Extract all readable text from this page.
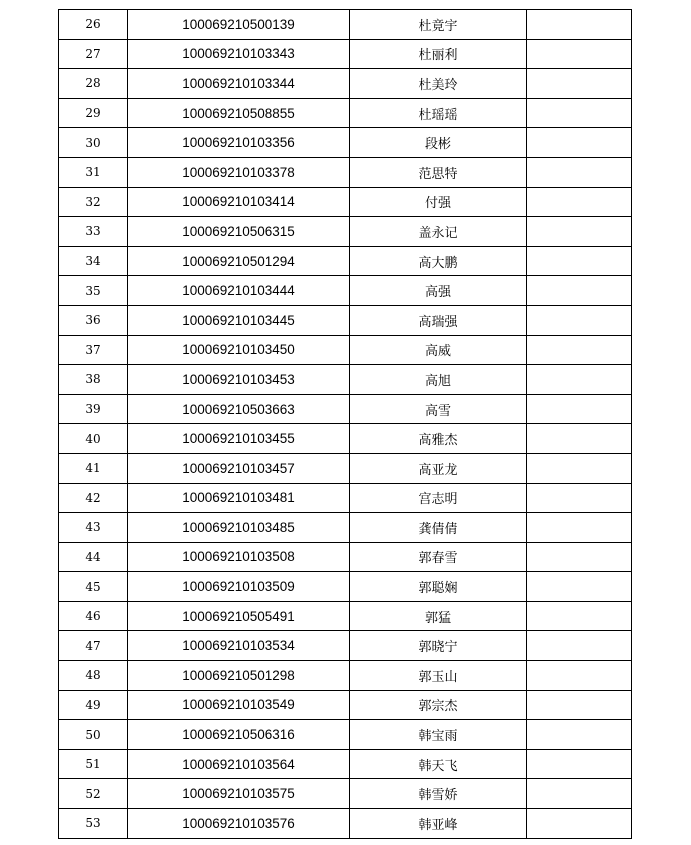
26	100069210500139	杜竟宇	
27	100069210103343	杜丽利	
28	100069210103344	杜美玲	
29	100069210508855	杜瑶瑶	
30	100069210103356	段彬	
31	100069210103378	范思特	
32	100069210103414	付强	
33	100069210506315	盖永记	
34	100069210501294	高大鹏	
35	100069210103444	高强	
36	100069210103445	高瑞强	
37	100069210103450	高威	
38	100069210103453	高旭	
39	100069210503663	高雪	
40	100069210103455	高雅杰	
41	100069210103457	高亚龙	
42	100069210103481	宫志明	
43	100069210103485	龚倩倩	
44	100069210103508	郭春雪	
45	100069210103509	郭聪娴	
46	100069210505491	郭猛	
47	100069210103534	郭晓宁	
48	100069210501298	郭玉山	
49	100069210103549	郭宗杰	
50	100069210506316	韩宝雨	
51	100069210103564	韩天飞	
52	100069210103575	韩雪娇	
53	100069210103576	韩亚峰	
